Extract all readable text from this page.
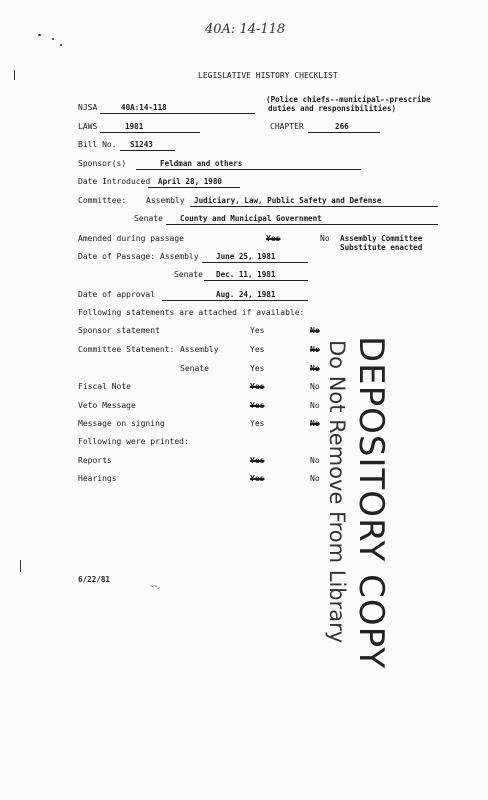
40A: 14-118
LEGISLATIVE HISTORY CHECKLIST
NJSA	40A:14-118
(Police chiefs--municipal--prescribe
duties and responsibilities)
LAWS	1981	CHAPTER	266
Bill No. S1243
Sponsor(s)	Feldman and others
Date Introduced April 28, 1980
Committee: Assembly Judiciary, Law, Public Safety and Defense
Senate County and Municipal Government
Amended during passage	Yes	No Assembly Committee
Substitute enacted
Date of Passage: Assembly June 25, 1981
Senate Dec. 11, 1981
Date of approval	Aug. 24, 1981
Following statements are attached if available:
Sponsor statement	Yes	No
Committee Statement: Assembly	Yes	No
Senate	Yes	No
Fiscal Note	Yes	No
Veto Message	Yes	No
Message on signing	Yes	No
Following were printed:
Reports	Yes	No
Hearings	Yes	No DEPOSITORY COPY
Do Not Remove From Library
6/22/81
~~,
